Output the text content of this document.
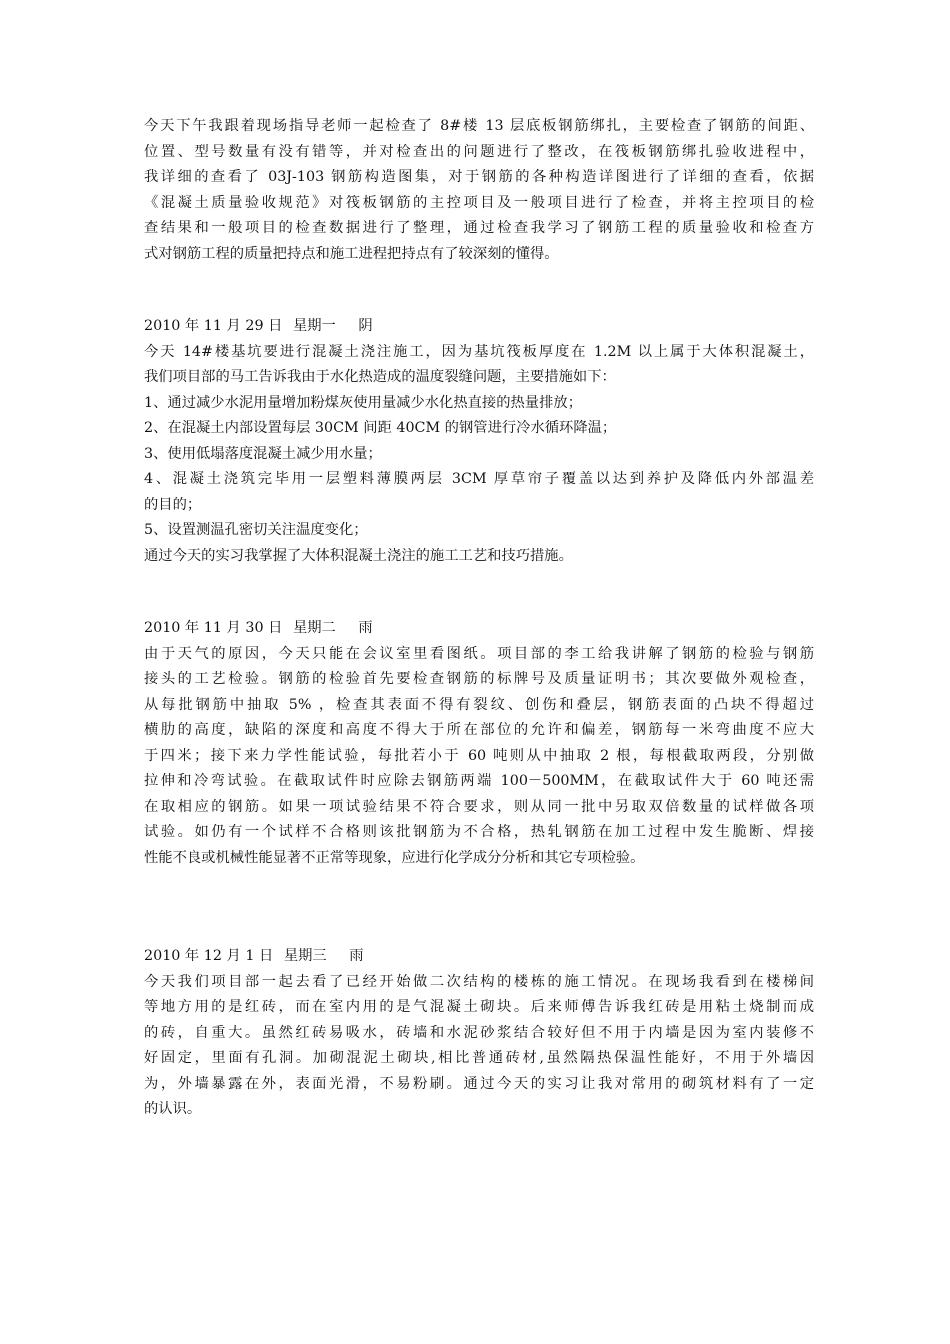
今天下午我跟着现场指导老师一起检查了 8#楼 13 层底板钢筋绑扎，主要检查了钢筋的间距、
位置、型号数量有没有错等，并对检查出的问题进行了整改，在筏板钢筋绑扎验收进程中，
我详细的查看了 03J-103 钢筋构造图集，对于钢筋的各种构造详图进行了详细的查看，依据
《混凝土质量验收规范》对筏板钢筋的主控项目及一般项目进行了检查，并将主控项目的检
查结果和一般项目的检查数据进行了整理，通过检查我学习了钢筋工程的质量验收和检查方
式对钢筋工程的质量把持点和施工进程把持点有了较深刻的懂得。
2010 年 11 月 29 日 星期一 阴
今天 14#楼基坑要进行混凝土浇注施工，因为基坑筏板厚度在 1.2M 以上属于大体积混凝土，
我们项目部的马工告诉我由于水化热造成的温度裂缝问题，主要措施如下：
1、通过减少水泥用量增加粉煤灰使用量减少水化热直接的热量排放；
2、在混凝土内部设置每层 30CM 间距 40CM 的钢管进行冷水循环降温；
3、使用低塌落度混凝土减少用水量；
4、混凝土浇筑完毕用一层塑料薄膜两层 3CM 厚草帘子覆盖以达到养护及降低内外部温差
的目的；
5、设置测温孔密切关注温度变化；
通过今天的实习我掌握了大体积混凝土浇注的施工工艺和技巧措施。
2010 年 11 月 30 日 星期二 雨
由于天气的原因，今天只能在会议室里看图纸。项目部的李工给我讲解了钢筋的检验与钢筋
接头的工艺检验。钢筋的检验首先要检查钢筋的标牌号及质量证明书；其次要做外观检查，
从每批钢筋中抽取 5% ，检查其表面不得有裂纹、创伤和叠层，钢筋表面的凸块不得超过
横肋的高度，缺陷的深度和高度不得大于所在部位的允许和偏差，钢筋每一米弯曲度不应大
于四米；接下来力学性能试验，每批若小于 60 吨则从中抽取 2 根，每根截取两段，分别做
拉伸和冷弯试验。在截取试件时应除去钢筋两端 100－500MM，在截取试件大于 60 吨还需
在取相应的钢筋。如果一项试验结果不符合要求，则从同一批中另取双倍数量的试样做各项
试验。如仍有一个试样不合格则该批钢筋为不合格，热轧钢筋在加工过程中发生脆断、焊接
性能不良或机械性能显著不正常等现象，应进行化学成分分析和其它专项检验。
2010 年 12 月 1 日 星期三 雨
今天我们项目部一起去看了已经开始做二次结构的楼栋的施工情况。在现场我看到在楼梯间
等地方用的是红砖，而在室内用的是气混凝土砌块。后来师傅告诉我红砖是用粘土烧制而成
的砖，自重大。虽然红砖易吸水，砖墙和水泥砂浆结合较好但不用于内墙是因为室内装修不
好固定，里面有孔洞。加砌混泥土砌块,相比普通砖材,虽然隔热保温性能好，不用于外墙因
为，外墙暴露在外，表面光滑，不易粉刷。通过今天的实习让我对常用的砌筑材料有了一定
的认识。
